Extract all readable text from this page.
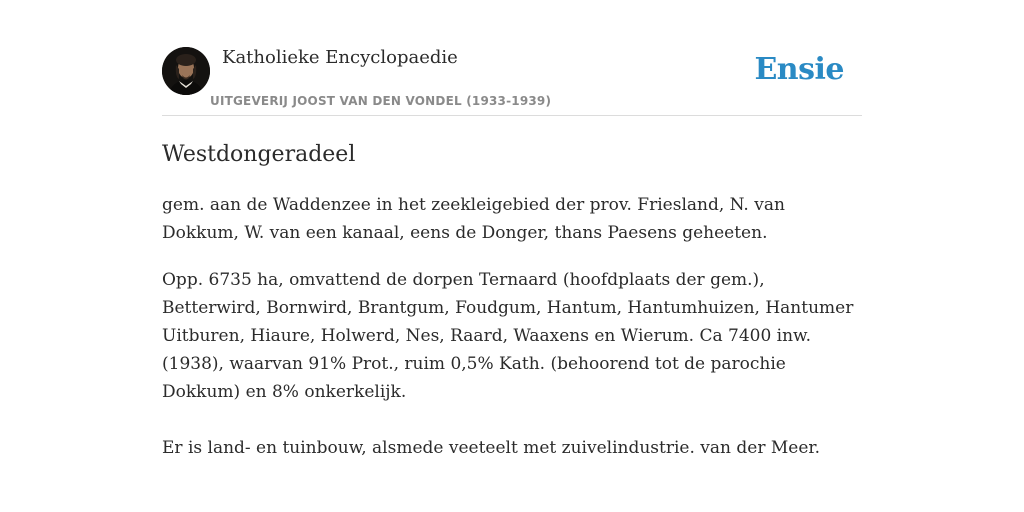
Katholieke Encyclopaedie
UITGEVERIJ JOOST VAN DEN VONDEL (1933-1939)
Ensie
Westdongeradeel

gem. aan de Waddenzee in het zeekleigebied der prov. Friesland, N. van Dokkum, W. van een kanaal, eens de Donger, thans Paesens geheeten.

Opp. 6735 ha, omvattend de dorpen Ternaard (hoofdplaats der gem.), Betterwird, Bornwird, Brantgum, Foudgum, Hantum, Hantumhuizen, Hantumer Uitburen, Hiaure, Holwerd, Nes, Raard, Waaxens en Wierum. Ca 7400 inw. (1938), waarvan 91% Prot., ruim 0,5% Kath. (behoorend tot de parochie Dokkum) en 8% onkerkelijk.

Er is land- en tuinbouw, alsmede veeteelt met zuivelindustrie. van der Meer.
